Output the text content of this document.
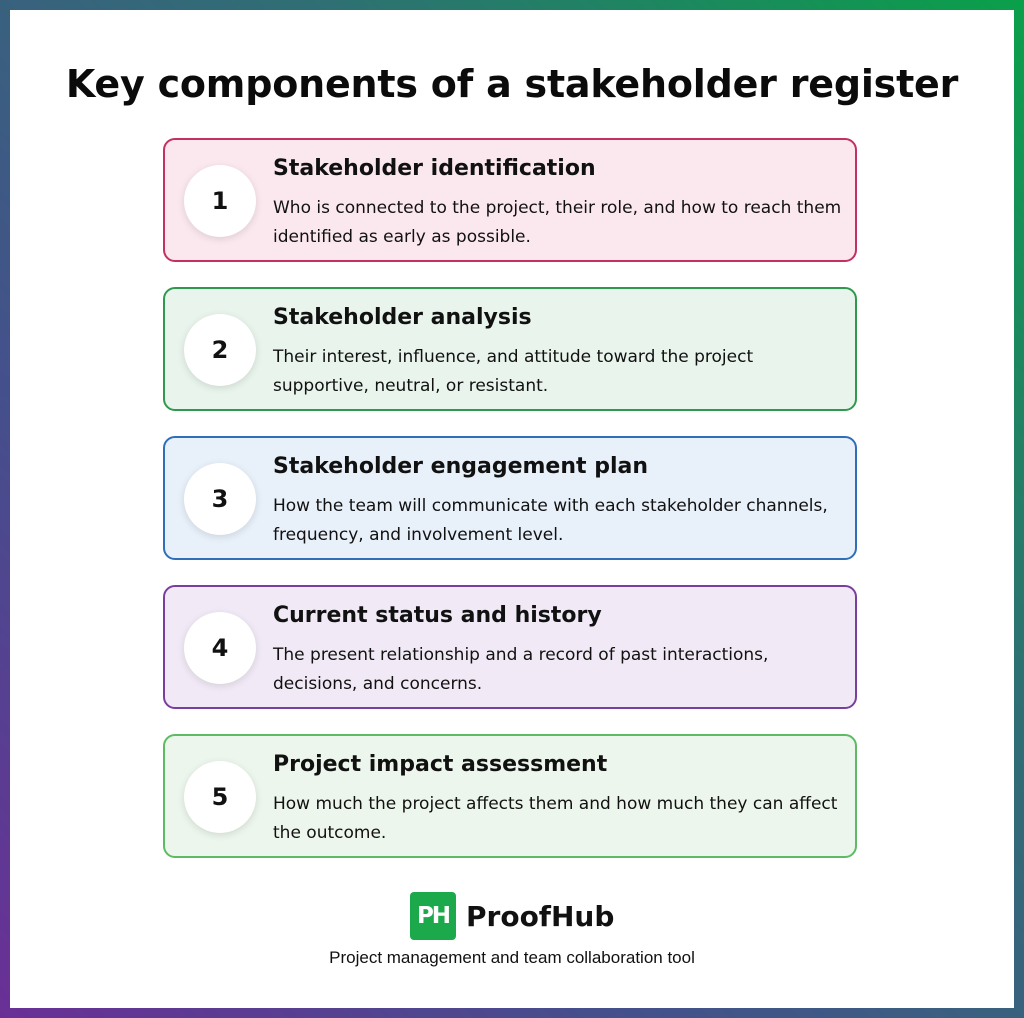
Key components of a stakeholder register
1
Stakeholder identification
Who is connected to the project, their role, and how to reach them identified as early as possible.
2
Stakeholder analysis
Their interest, influence, and attitude toward the project supportive, neutral, or resistant.
3
Stakeholder engagement plan
How the team will communicate with each stakeholder channels, frequency, and involvement level.
4
Current status and history
The present relationship and a record of past interactions, decisions, and concerns.
5
Project impact assessment
How much the project affects them and how much they can affect the outcome.
PH ProofHub
Project management and team collaboration tool
